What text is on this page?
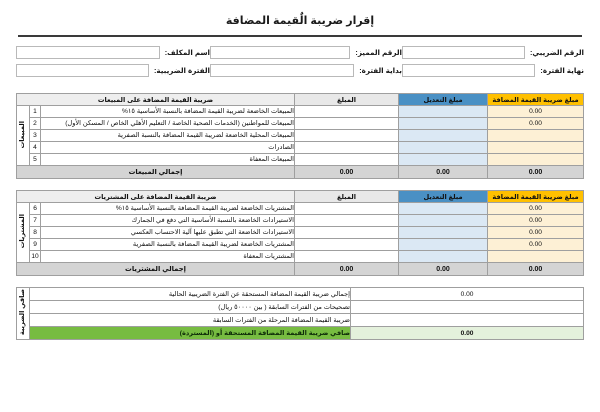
إقرار ضريبة الٌقيمة المضافة
الرقم الضريبي:
الرقم المميز:
اسم المكلف:
نهاية الفترة:
بداية الفترة:
الفترة الضريبية:
مبلغ ضريبة القيمة المضافة	مبلغ التعديل	المبلغ	ضريبة القيمة المضافة على المبيعات		
0.00			المبيعات الخاضعة لضريبة القيمة المضافة بالنسبة الأساسية ١٥%	1	المبيعات
0.00			المبيعات للمواطنين (الخدمات الصحية الخاصة / التعليم الأهلي الخاص / المسكن الأول)	2	
			المبيعات المحلية الخاضعة لضريبة القيمة المضافة بالنسبة الصفرية	3	
			الصادرات	4	
			المبيعات المعفاة	5	
0.00	0.00	0.00	إجمالي المبيعات		
مبلغ ضريبة القيمة المضافة	مبلغ التعديل	المبلغ	ضريبة القيمة المضافة على المشتريات		
0.00			المشتريات الخاضعة لضريبة القيمة المضافة بالنسبة الأساسية ١٥%	6	المشتريات
0.00			الاستيرادات الخاضعة بالنسبة الأساسية التي دفع في الجمارك	7	
0.00			الاستيرادات الخاضعة التي تطبق عليها آلية الاحتساب العكسي	8	
0.00			المشتريات الخاضعة لضريبة القيمة المضافة بالنسبة الصفرية	9	
			المشتريات المعفاة	10	
0.00	0.00	0.00	إجمالي المشتريات		
0.00	إجمالي ضريبة القيمة المضافة المستحقة عن الفترة الضريبية الحالية	صافي الضريبة
	تصحيحات من الفترات السابقة ( بين ٥٠٠٠٠ ريال)	
	ضريبة القيمة المضافة المرحلة من الفترات السابقة	
0.00	صافي ضريبة القيمة المضافة المستحقة أو (المستردة)	
